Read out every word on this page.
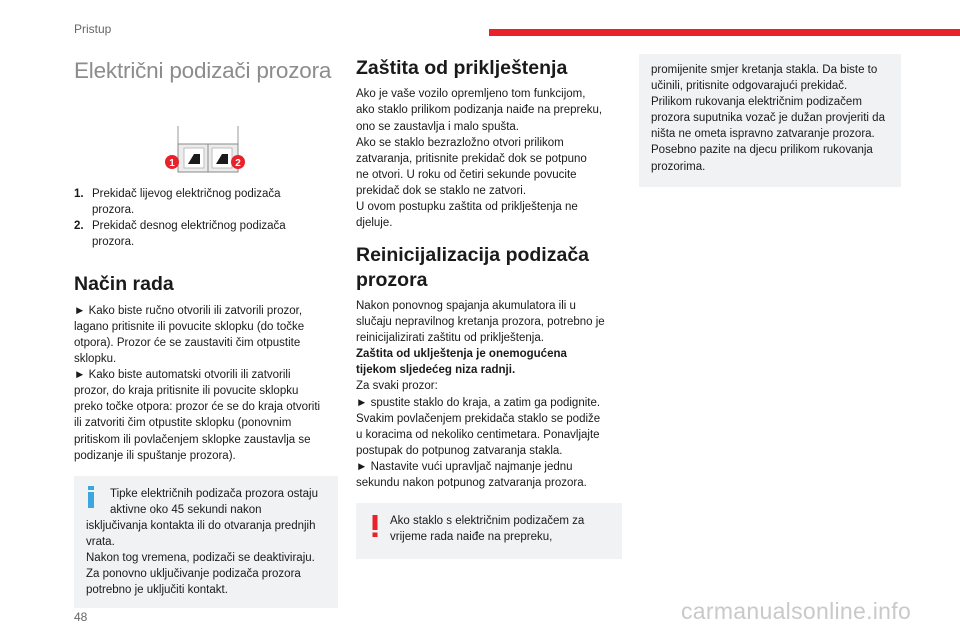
Pristup
Električni podizači prozora
1	2
1. Prekidač lijevog električnog podizača
prozora.
2. Prekidač desnog električnog podizača
prozora.
Način rada
► Kako biste ručno otvorili ili zatvorili prozor,
lagano pritisnite ili povucite sklopku (do točke
otpora). Prozor će se zaustaviti čim otpustite
sklopku.
► Kako biste automatski otvorili ili zatvorili
prozor, do kraja pritisnite ili povucite sklopku
preko točke otpora: prozor će se do kraja otvoriti
ili zatvoriti čim otpustite sklopku (ponovnim
pritiskom ili povlačenjem sklopke zaustavlja se
podizanje ili spuštanje prozora).
Tipke električnih podizača prozora ostaju
aktivne oko 45 sekundi nakon
isključivanja kontakta ili do otvaranja prednjih
vrata.
Nakon tog vremena, podizači se deaktiviraju.
Za ponovno uključivanje podizača prozora
potrebno je uključiti kontakt.
Zaštita od priklještenja
Ako je vaše vozilo opremljeno tom funkcijom,
ako staklo prilikom podizanja naiđe na prepreku,
ono se zaustavlja i malo spušta.
Ako se staklo bezrazložno otvori prilikom
zatvaranja, pritisnite prekidač dok se potpuno
ne otvori. U roku od četiri sekunde povucite
prekidač dok se staklo ne zatvori.
U ovom postupku zaštita od priklještenja ne
djeluje.
Reinicijalizacija podizača
prozora
Nakon ponovnog spajanja akumulatora ili u
slučaju nepravilnog kretanja prozora, potrebno je
reinicijalizirati zaštitu od priklještenja.
Zaštita od uklještenja je onemogućena
tijekom sljedećeg niza radnji.
Za svaki prozor:
► spustite staklo do kraja, a zatim ga podignite.
Svakim povlačenjem prekidača staklo se podiže
u koracima od nekoliko centimetara. Ponavljajte
postupak do potpunog zatvaranja stakla.
► Nastavite vući upravljač najmanje jednu
sekundu nakon potpunog zatvaranja prozora.
Ako staklo s električnim podizačem za
vrijeme rada naiđe na prepreku,
promijenite smjer kretanja stakla. Da biste to
učinili, pritisnite odgovarajući prekidač.
Prilikom rukovanja električnim podizačem
prozora suputnika vozač je dužan provjeriti da
ništa ne ometa ispravno zatvaranje prozora.
Posebno pazite na djecu prilikom rukovanja
prozorima.
48	carmanualsonline.info
